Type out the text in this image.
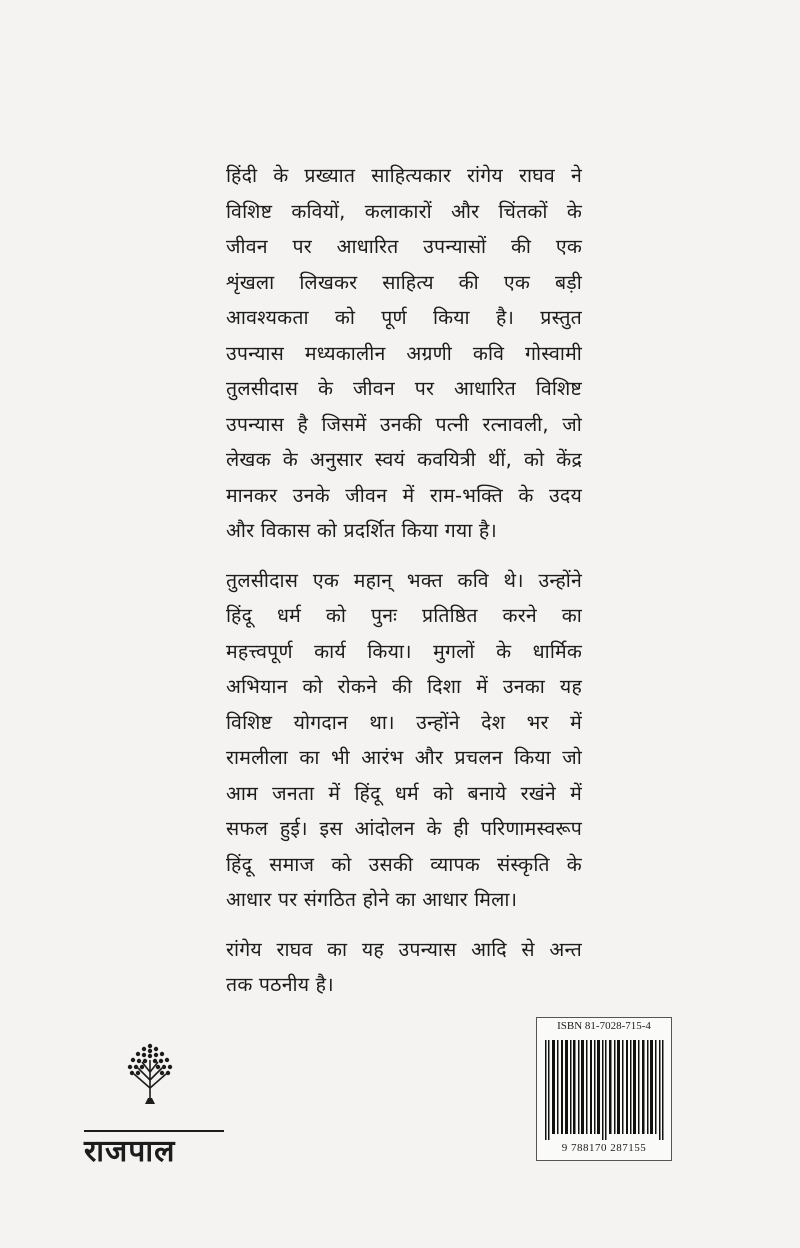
हिंदी के प्रख्यात साहित्यकार रांगेय राघव ने
विशिष्ट कवियों, कलाकारों और चिंतकों के
जीवन पर आधारित उपन्यासों की एक
शृंखला लिखकर साहित्य की एक बड़ी
आवश्यकता को पूर्ण किया है। प्रस्तुत
उपन्यास मध्यकालीन अग्रणी कवि गोस्वामी
तुलसीदास के जीवन पर आधारित विशिष्ट
उपन्यास है जिसमें उनकी पत्नी रत्नावली, जो
लेखक के अनुसार स्वयं कवयित्री थीं, को केंद्र
मानकर उनके जीवन में राम-भक्ति के उदय
और विकास को प्रदर्शित किया गया है।
तुलसीदास एक महान् भक्त कवि थे। उन्होंने
हिंदू धर्म को पुनः प्रतिष्ठित करने का
महत्त्वपूर्ण कार्य किया। मुगलों के धार्मिक
अभियान को रोकने की दिशा में उनका यह
विशिष्ट योगदान था। उन्होंने देश भर में
रामलीला का भी आरंभ और प्रचलन किया जो
आम जनता में हिंदू धर्म को बनाये रखंने में
सफल हुई। इस आंदोलन के ही परिणामस्वरूप
हिंदू समाज को उसकी व्यापक संस्कृति के
आधार पर संगठित होने का आधार मिला।
रांगेय राघव का यह उपन्यास आदि से अन्त
तक पठनीय है।
राजपाल
ISBN 81-7028-715-4
9 788170 287155
